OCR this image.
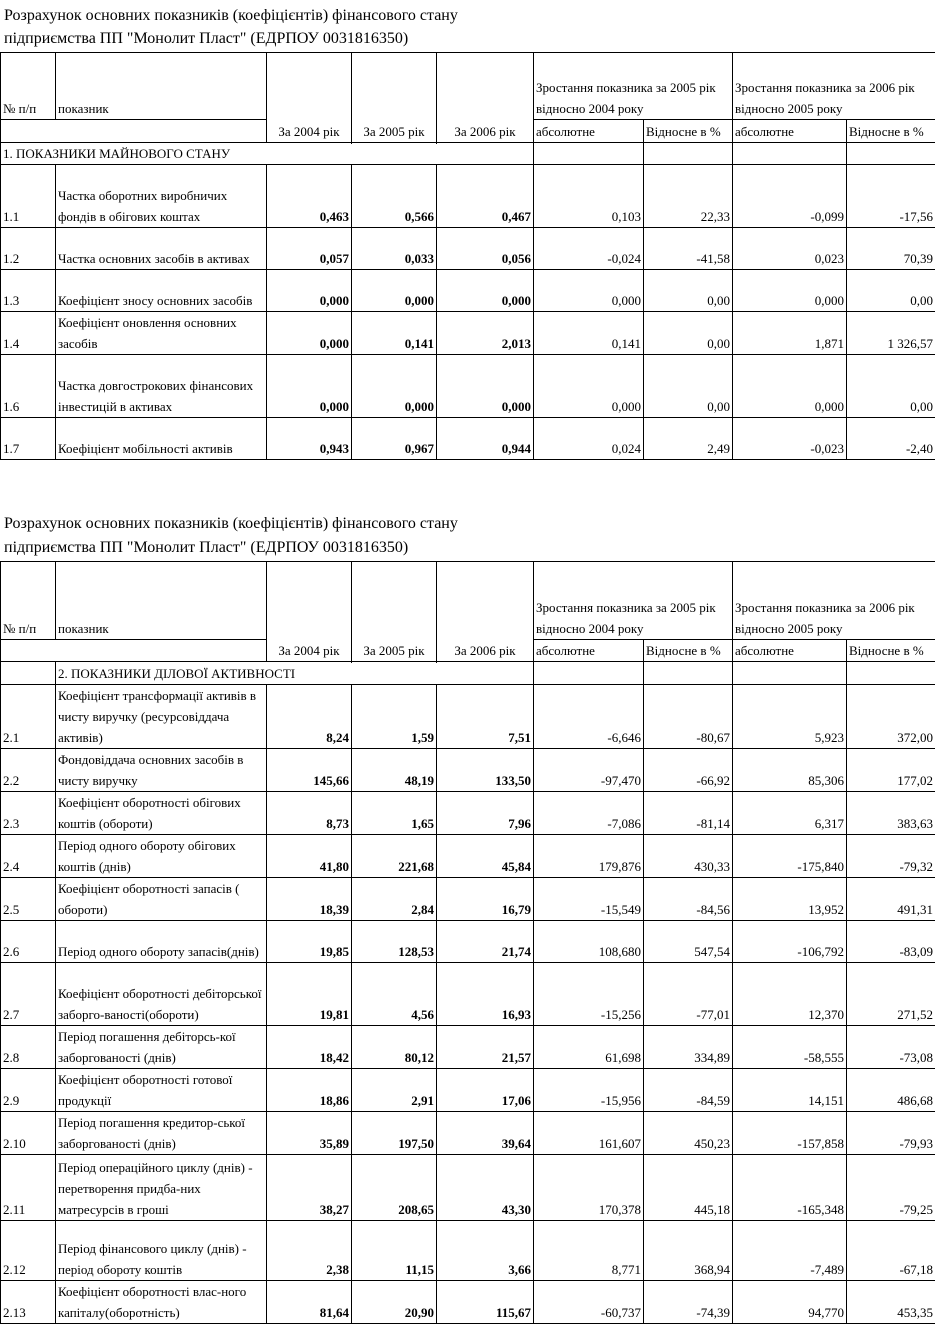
Розрахунок основних показників (коефіцієнтів) фінансового стану
підприємства ПП "Монолит Пласт" (ЕДРПОУ 0031816350)
№ п/п	показник	За 2004 рік	За 2005 рік	За 2006 рік	Зростання показника за 2005 рік відносно 2004 року		Зростання показника за 2006 рік відносно 2005 року	

					абсолютне	Відносне в %	абсолютне	Відносне в %

1. ПОКАЗНИКИ МАЙНОВОГО СТАНУ								
1.1	Частка оборотних виробничих фондів в обігових коштах	0,463	0,566	0,467	0,103	22,33	-0,099	-17,56
1.2	Частка основних засобів в активах	0,057	0,033	0,056	-0,024	-41,58	0,023	70,39
1.3	Коефіцієнт зносу основних засобів	0,000	0,000	0,000	0,000	0,00	0,000	0,00
1.4	Коефіцієнт оновлення основних засобів	0,000	0,141	2,013	0,141	0,00	1,871	1 326,57
1.6	Частка довгострокових фінансових інвестицій в активах	0,000	0,000	0,000	0,000	0,00	0,000	0,00
1.7	Коефіцієнт мобільності активів	0,943	0,967	0,944	0,024	2,49	-0,023	-2,40
Розрахунок основних показників (коефіцієнтів) фінансового стану
підприємства ПП "Монолит Пласт" (ЕДРПОУ 0031816350)
№ п/п	показник	За 2004 рік	За 2005 рік	За 2006 рік	Зростання показника за 2005 рік відносно 2004 року		Зростання показника за 2006 рік відносно 2005 року	

					абсолютне	Відносне в %	абсолютне	Відносне в %

	2. ПОКАЗНИКИ ДІЛОВОЇ АКТИВНОСТІ							
2.1	Коефіцієнт трансформації активів в чисту виручку (ресурсовіддача активів)	8,24	1,59	7,51	-6,646	-80,67	5,923	372,00
2.2	Фондовіддача основних засобів в чисту виручку	145,66	48,19	133,50	-97,470	-66,92	85,306	177,02
2.3	Коефіцієнт оборотності обігових коштів (обороти)	8,73	1,65	7,96	-7,086	-81,14	6,317	383,63
2.4	Період одного обороту обігових коштів (днів)	41,80	221,68	45,84	179,876	430,33	-175,840	-79,32
2.5	Коефіцієнт оборотності запасів ( обороти)	18,39	2,84	16,79	-15,549	-84,56	13,952	491,31
2.6	Період одного обороту запасів(днів)	19,85	128,53	21,74	108,680	547,54	-106,792	-83,09
2.7	Коефіцієнт оборотності дебіторської заборго-ваності(обороти)	19,81	4,56	16,93	-15,256	-77,01	12,370	271,52
2.8	Період погашення дебіторсь-кої заборгованості (днів)	18,42	80,12	21,57	61,698	334,89	-58,555	-73,08
2.9	Коефіцієнт оборотності готової продукції	18,86	2,91	17,06	-15,956	-84,59	14,151	486,68
2.10	Період погашення кредитор-ської заборгованості (днів)	35,89	197,50	39,64	161,607	450,23	-157,858	-79,93
2.11	Період операційного циклу (днів) - перетворення придба-них матресурсів в гроші	38,27	208,65	43,30	170,378	445,18	-165,348	-79,25
2.12	Період фінансового циклу (днів) - період обороту коштів	2,38	11,15	3,66	8,771	368,94	-7,489	-67,18
2.13	Коефіцієнт оборотності влас-ного капіталу(оборотність)	81,64	20,90	115,67	-60,737	-74,39	94,770	453,35
